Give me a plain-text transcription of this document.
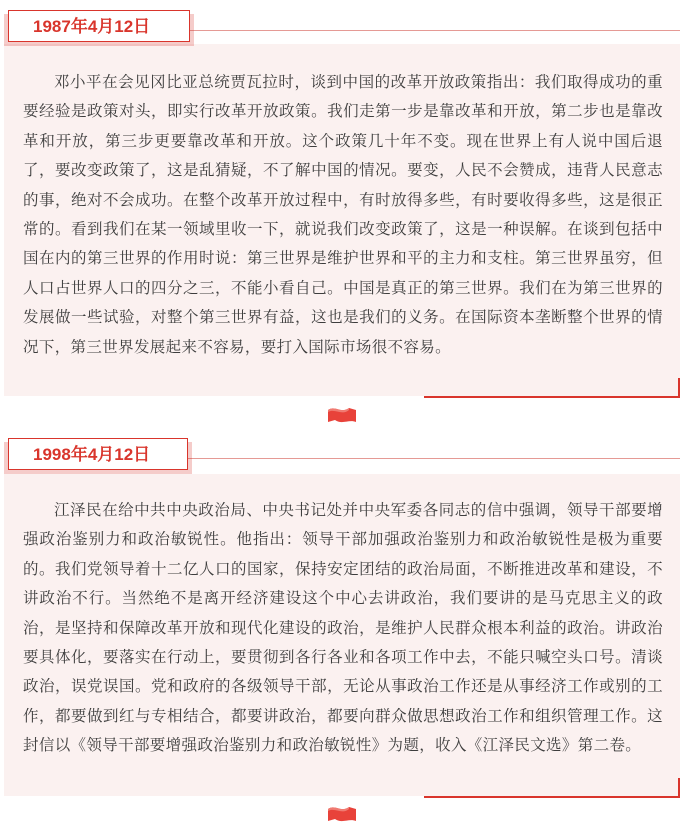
1987年4月12日

邓小平在会见冈比亚总统贾瓦拉时，谈到中国的改革开放政策指出：我们取得成功的重要经验是政策对头，即实行改革开放政策。我们走第一步是靠改革和开放，第二步也是靠改革和开放，第三步更要靠改革和开放。这个政策几十年不变。现在世界上有人说中国后退了，要改变政策了，这是乱猜疑，不了解中国的情况。要变，人民不会赞成，违背人民意志的事，绝对不会成功。在整个改革开放过程中，有时放得多些，有时要收得多些，这是很正常的。看到我们在某一领域里收一下，就说我们改变政策了，这是一种误解。在谈到包括中国在内的第三世界的作用时说：第三世界是维护世界和平的主力和支柱。第三世界虽穷，但人口占世界人口的四分之三，不能小看自己。中国是真正的第三世界。我们在为第三世界的发展做一些试验，对整个第三世界有益，这也是我们的义务。在国际资本垄断整个世界的情况下，第三世界发展起来不容易，要打入国际市场很不容易。

1998年4月12日

江泽民在给中共中央政治局、中央书记处并中央军委各同志的信中强调，领导干部要增强政治鉴别力和政治敏锐性。他指出：领导干部加强政治鉴别力和政治敏锐性是极为重要的。我们党领导着十二亿人口的国家，保持安定团结的政治局面，不断推进改革和建设，不讲政治不行。当然绝不是离开经济建设这个中心去讲政治，我们要讲的是马克思主义的政治，是坚持和保障改革开放和现代化建设的政治，是维护人民群众根本利益的政治。讲政治要具体化，要落实在行动上，要贯彻到各行各业和各项工作中去，不能只喊空头口号。清谈政治，误党误国。党和政府的各级领导干部，无论从事政治工作还是从事经济工作或别的工作，都要做到红与专相结合，都要讲政治，都要向群众做思想政治工作和组织管理工作。这封信以《领导干部要增强政治鉴别力和政治敏锐性》为题，收入《江泽民文选》第二卷。
